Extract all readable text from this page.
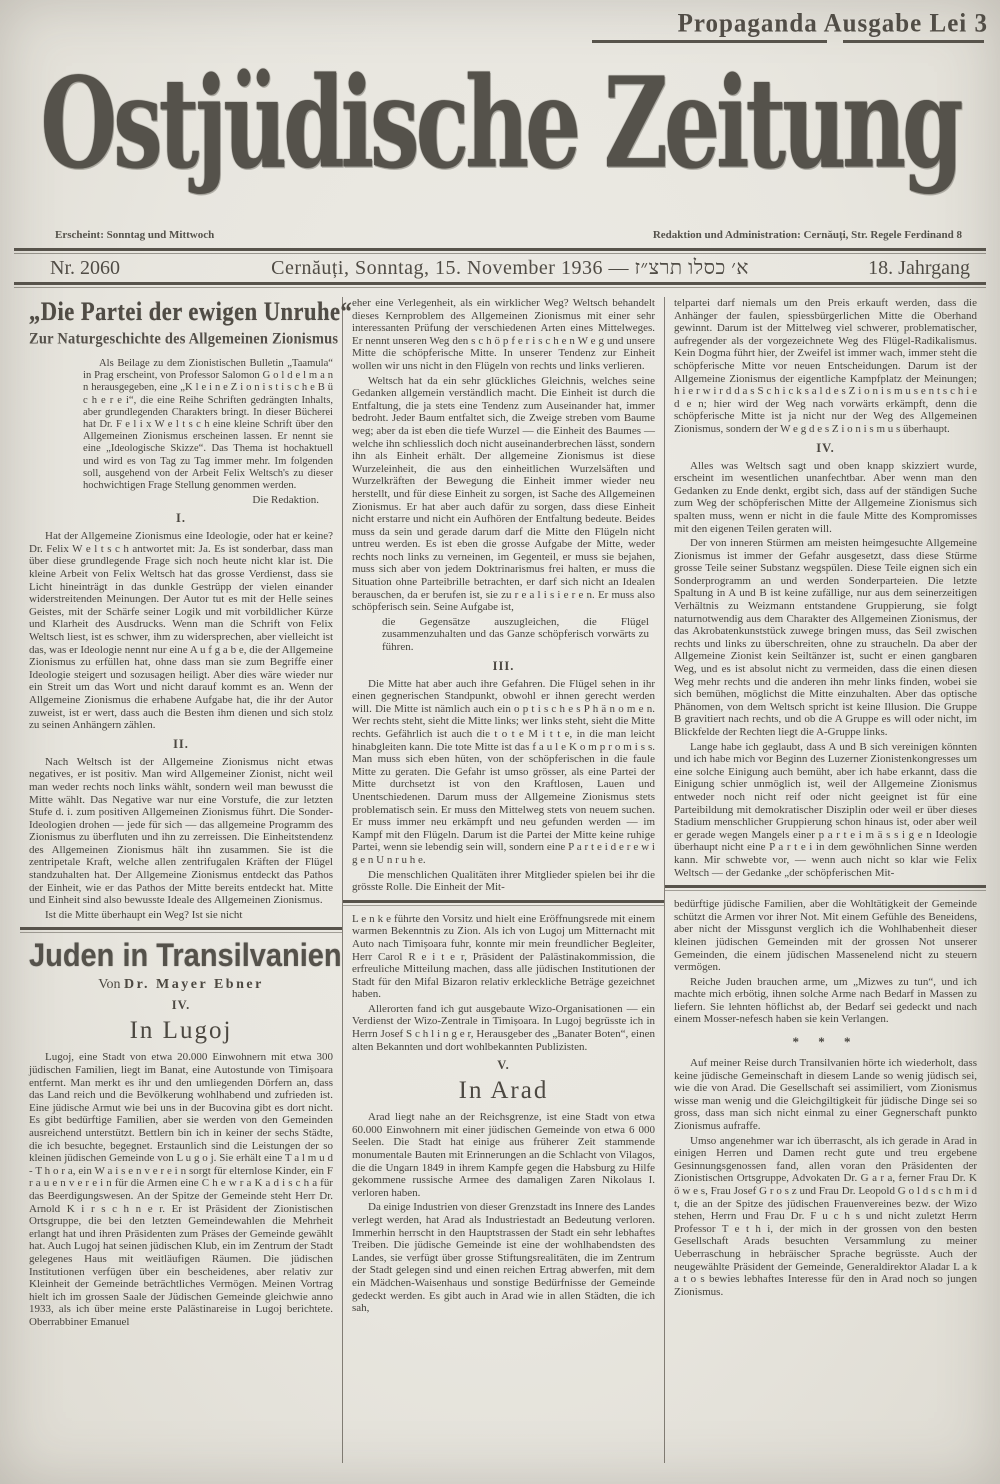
Propaganda Ausgabe Lei 3
Ostjüdische Zeitung
Erscheint: Sonntag und Mittwoch	Redaktion und Administration: Cernăuți, Str. Regele Ferdinand 8
Nr. 2060	Cernăuți, Sonntag, 15. November 1936 — א׳ כסלו תרצ״ז	18. Jahrgang
„Die Partei der ewigen Unruhe“
Zur Naturgeschichte des Allgemeinen Zionismus

Als Beilage zu dem Zionistischen Bulletin „Taamula“ in Prag erscheint, von Professor Salomon G o l d e l m a n n herausgegeben, eine „K l e i n e Z i o n i s t i s c h e B ü c h e r e i“, die eine Reihe Schriften gedrängten Inhalts, aber grundlegenden Charakters bringt. In dieser Bücherei hat Dr. F e l i x W e l t s c h eine kleine Schrift über den Allgemeinen Zionismus erscheinen lassen. Er nennt sie eine „Ideologische Skizze“. Das Thema ist hochaktuell und wird es von Tag zu Tag immer mehr. Im folgenden soll, ausgehend von der Arbeit Felix Weltsch's zu dieser hochwichtigen Frage Stellung genommen werden.

Die Redaktion.
I.

Hat der Allgemeine Zionismus eine Ideologie, oder hat er keine? Dr. Felix W e l t s c h antwortet mit: Ja. Es ist sonderbar, dass man über diese grundlegende Frage sich noch heute nicht klar ist. Die kleine Arbeit von Felix Weltsch hat das grosse Verdienst, dass sie Licht hineinträgt in das dunkle Gestrüpp der vielen einander widerstreitenden Meinungen. Der Autor tut es mit der Helle seines Geistes, mit der Schärfe seiner Logik und mit vorbildlicher Kürze und Klarheit des Ausdrucks. Wenn man die Schrift von Felix Weltsch liest, ist es schwer, ihm zu widersprechen, aber vielleicht ist das, was er Ideologie nennt nur eine A u f g a b e, die der Allgemeine Zionismus zu erfüllen hat, ohne dass man sie zum Begriffe einer Ideologie steigert und sozusagen heiligt. Aber dies wäre wieder nur ein Streit um das Wort und nicht darauf kommt es an. Wenn der Allgemeine Zionismus die erhabene Aufgabe hat, die ihr der Autor zuweist, ist er wert, dass auch die Besten ihm dienen und sich stolz zu seinen Anhängern zählen.

II.

Nach Weltsch ist der Allgemeine Zionismus nicht etwas negatives, er ist positiv. Man wird Allgemeiner Zionist, nicht weil man weder rechts noch links wählt, sondern weil man bewusst die Mitte wählt. Das Negative war nur eine Vorstufe, die zur letzten Stufe d. i. zum positiven Allgemeinen Zionismus führt. Die Sonder-Ideologien drohen — jede für sich — das allgemeine Programm des Zionismus zu überfluten und ihn zu zerreissen. Die Einheitstendenz des Allgemeinen Zionismus hält ihn zusammen. Sie ist die zentripetale Kraft, welche allen zentrifugalen Kräften der Flügel standzuhalten hat. Der Allgemeine Zionismus entdeckt das Pathos der Einheit, wie er das Pathos der Mitte bereits entdeckt hat. Mitte und Einheit sind also bewusste Ideale des Allgemeinen Zionismus.

Ist die Mitte überhaupt ein Weg? Ist sie nicht

Juden in Transilvanien
Von Dr. Mayer Ebner
IV.
In Lugoj

Lugoj, eine Stadt von etwa 20.000 Einwohnern mit etwa 300 jüdischen Familien, liegt im Banat, eine Autostunde von Timișoara entfernt. Man merkt es ihr und den umliegenden Dörfern an, dass das Land reich und die Bevölkerung wohlhabend und zufrieden ist. Eine jüdische Armut wie bei uns in der Bucovina gibt es dort nicht. Es gibt bedürftige Familien, aber sie werden von den Gemeinden ausreichend unterstützt. Bettlern bin ich in keiner der sechs Städte, die ich besuchte, begegnet. Erstaunlich sind die Leistungen der so kleinen jüdischen Gemeinde von L u g o j. Sie erhält eine T a l m u d - T h o r a, ein W a i s e n v e r e i n sorgt für elternlose Kinder, ein F r a u e n v e r e i n für die Armen eine C h e w r a K a d i s c h a für das Beerdigungswesen. An der Spitze der Gemeinde steht Herr Dr. Arnold K i r s c h n e r. Er ist Präsident der Zionistischen Ortsgruppe, die bei den letzten Gemeindewahlen die Mehrheit erlangt hat und ihren Präsidenten zum Präses der Gemeinde gewählt hat. Auch Lugoj hat seinen jüdischen Klub, ein im Zentrum der Stadt gelegenes Haus mit weitläufigen Räumen. Die jüdischen Institutionen verfügen über ein bescheidenes, aber relativ zur Kleinheit der Gemeinde beträchtliches Vermögen. Meinen Vortrag hielt ich im grossen Saale der Jüdischen Gemeinde gleichwie anno 1933, als ich über meine erste Palästinareise in Lugoj berichtete. Oberrabbiner Emanuel

eher eine Verlegenheit, als ein wirklicher Weg? Weltsch behandelt dieses Kernproblem des Allgemeinen Zionismus mit einer sehr interessanten Prüfung der verschiedenen Arten eines Mittelweges. Er nennt unseren Weg den s c h ö p f e r i s c h e n W e g und unsere Mitte die schöpferische Mitte. In unserer Tendenz zur Einheit wollen wir uns nicht in den Flügeln von rechts und links verlieren.

Weltsch hat da ein sehr glückliches Gleichnis, welches seine Gedanken allgemein verständlich macht. Die Einheit ist durch die Entfaltung, die ja stets eine Tendenz zum Auseinander hat, immer bedroht. Jeder Baum entfaltet sich, die Zweige streben vom Baume weg; aber da ist eben die tiefe Wurzel — die Einheit des Baumes — welche ihn schliesslich doch nicht auseinanderbrechen lässt, sondern ihn als Einheit erhält. Der allgemeine Zionismus ist diese Wurzeleinheit, die aus den einheitlichen Wurzelsäften und Wurzelkräften der Bewegung die Einheit immer wieder neu herstellt, und für diese Einheit zu sorgen, ist Sache des Allgemeinen Zionismus. Er hat aber auch dafür zu sorgen, dass diese Einheit nicht erstarre und nicht ein Aufhören der Entfaltung bedeute. Beides muss da sein und gerade darum darf die Mitte den Flügeln nicht untreu werden. Es ist eben die grosse Aufgabe der Mitte, weder rechts noch links zu verneinen, im Gegenteil, er muss sie bejahen, muss sich aber von jedem Doktrinarismus frei halten, er muss die Situation ohne Parteibrille betrachten, er darf sich nicht an Idealen berauschen, da er berufen ist, sie zu r e a l i s i e r e n. Er muss also schöpferisch sein. Seine Aufgabe ist,

die Gegensätze auszugleichen, die Flügel zusammenzuhalten und das Ganze schöpferisch vorwärts zu führen.

III.

Die Mitte hat aber auch ihre Gefahren. Die Flügel sehen in ihr einen gegnerischen Standpunkt, obwohl er ihnen gerecht werden will. Die Mitte ist nämlich auch ein o p t i s c h e s P h ä n o m e n. Wer rechts steht, sieht die Mitte links; wer links steht, sieht die Mitte rechts. Gefährlich ist auch die t o t e M i t t e, in die man leicht hinabgleiten kann. Die tote Mitte ist das f a u l e K o m p r o m i s s. Man muss sich eben hüten, von der schöpferischen in die faule Mitte zu geraten. Die Gefahr ist umso grösser, als eine Partei der Mitte durchsetzt ist von den Kraftlosen, Lauen und Unentschiedenen. Darum muss der Allgemeine Zionismus stets problematisch sein. Er muss den Mittelweg stets von neuem suchen. Er muss immer neu erkämpft und neu gefunden werden — im Kampf mit den Flügeln. Darum ist die Partei der Mitte keine ruhige Partei, wenn sie lebendig sein will, sondern eine P a r t e i d e r e w i g e n U n r u h e.

Die menschlichen Qualitäten ihrer Mitglieder spielen bei ihr die grösste Rolle. Die Einheit der Mit-

L e n k e führte den Vorsitz und hielt eine Eröffnungsrede mit einem warmen Bekenntnis zu Zion. Als ich von Lugoj um Mitternacht mit Auto nach Timișoara fuhr, konnte mir mein freundlicher Begleiter, Herr Carol R e i t e r, Präsident der Palästinakommission, die erfreuliche Mitteilung machen, dass alle jüdischen Institutionen der Stadt für den Mifal Bizaron relativ erkleckliche Beträge gezeichnet haben.

Allerorten fand ich gut ausgebaute Wizo-Organisationen — ein Verdienst der Wizo-Zentrale in Timișoara. In Lugoj begrüsste ich in Herrn Josef S c h l i n g e r, Herausgeber des „Banater Boten“, einen alten Bekannten und dort wohlbekannten Publizisten.

V.
In Arad

Arad liegt nahe an der Reichsgrenze, ist eine Stadt von etwa 60.000 Einwohnern mit einer jüdischen Gemeinde von etwa 6 000 Seelen. Die Stadt hat einige aus früherer Zeit stammende monumentale Bauten mit Erinnerungen an die Schlacht von Vilagos, die die Ungarn 1849 in ihrem Kampfe gegen die Habsburg zu Hilfe gekommene russische Armee des damaligen Zaren Nikolaus I. verloren haben.

Da einige Industrien von dieser Grenzstadt ins Innere des Landes verlegt werden, hat Arad als Industriestadt an Bedeutung verloren. Immerhin herrscht in den Hauptstrassen der Stadt ein sehr lebhaftes Treiben. Die jüdische Gemeinde ist eine der wohlhabendsten des Landes, sie verfügt über grosse Stiftungsrealitäten, die im Zentrum der Stadt gelegen sind und einen reichen Ertrag abwerfen, mit dem ein Mädchen-Waisenhaus und sonstige Bedürfnisse der Gemeinde gedeckt werden. Es gibt auch in Arad wie in allen Städten, die ich sah,

telpartei darf niemals um den Preis erkauft werden, dass die Anhänger der faulen, spiessbürgerlichen Mitte die Oberhand gewinnt. Darum ist der Mittelweg viel schwerer, problematischer, aufregender als der vorgezeichnete Weg des Flügel-Radikalismus. Kein Dogma führt hier, der Zweifel ist immer wach, immer steht die schöpferische Mitte vor neuen Entscheidungen. Darum ist der Allgemeine Zionismus der eigentliche Kampfplatz der Meinungen; h i e r w i r d d a s S c h i c k s a l d e s Z i o n i s m u s e n t s c h i e d e n; hier wird der Weg nach vorwärts erkämpft, denn die schöpferische Mitte ist ja nicht nur der Weg des Allgemeinen Zionismus, sondern der W e g d e s Z i o n i s m u s überhaupt.

IV.

Alles was Weltsch sagt und oben knapp skizziert wurde, erscheint im wesentlichen unanfechtbar. Aber wenn man den Gedanken zu Ende denkt, ergibt sich, dass auf der ständigen Suche zum Weg der schöpferischen Mitte der Allgemeine Zionismus sich spalten muss, wenn er nicht in die faule Mitte des Kompromisses mit den eigenen Teilen geraten will.

Der von inneren Stürmen am meisten heimgesuchte Allgemeine Zionismus ist immer der Gefahr ausgesetzt, dass diese Stürme grosse Teile seiner Substanz wegspülen. Diese Teile eignen sich ein Sonderprogramm an und werden Sonderparteien. Die letzte Spaltung in A und B ist keine zufällige, nur aus dem seinerzeitigen Verhältnis zu Weizmann entstandene Gruppierung, sie folgt naturnotwendig aus dem Charakter des Allgemeinen Zionismus, der das Akrobatenkunststück zuwege bringen muss, das Seil zwischen rechts und links zu überschreiten, ohne zu straucheln. Da aber der Allgemeine Zionist kein Seiltänzer ist, sucht er einen gangbaren Weg, und es ist absolut nicht zu vermeiden, dass die einen diesen Weg mehr rechts und die anderen ihn mehr links finden, wobei sie sich bemühen, möglichst die Mitte einzuhalten. Aber das optische Phänomen, von dem Weltsch spricht ist keine Illusion. Die Gruppe B gravitiert nach rechts, und ob die A Gruppe es will oder nicht, im Blickfelde der Rechten liegt die A-Gruppe links.

Lange habe ich geglaubt, dass A und B sich vereinigen könnten und ich habe mich vor Beginn des Luzerner Zionistenkongresses um eine solche Einigung auch bemüht, aber ich habe erkannt, dass die Einigung schier unmöglich ist, weil der Allgemeine Zionismus entweder noch nicht reif oder nicht geeignet ist für eine Parteibildung mit demokratischer Disziplin oder weil er über dieses Stadium menschlicher Gruppierung schon hinaus ist, oder aber weil er gerade wegen Mangels einer p a r t e i m ä s s i g e n Ideologie überhaupt nicht eine P a r t e i in dem gewöhnlichen Sinne werden kann. Mir schwebte vor, — wenn auch nicht so klar wie Felix Weltsch — der Gedanke „der schöpferischen Mit-

bedürftige jüdische Familien, aber die Wohltätigkeit der Gemeinde schützt die Armen vor ihrer Not. Mit einem Gefühle des Beneidens, aber nicht der Missgunst verglich ich die Wohlhabenheit dieser kleinen jüdischen Gemeinden mit der grossen Not unserer Gemeinden, die einem jüdischen Massenelend nicht zu steuern vermögen.

Reiche Juden brauchen arme, um „Mizwes zu tun“, und ich machte mich erbötig, ihnen solche Arme nach Bedarf in Massen zu liefern. Sie lehnten höflichst ab, der Bedarf sei gedeckt und nach einem Mosser-nefesch haben sie kein Verlangen.

* * *

Auf meiner Reise durch Transilvanien hörte ich wiederholt, dass keine jüdische Gemeinschaft in diesem Lande so wenig jüdisch sei, wie die von Arad. Die Gesellschaft sei assimiliert, vom Zionismus wisse man wenig und die Gleichgiltigkeit für jüdische Dinge sei so gross, dass man sich nicht einmal zu einer Gegnerschaft punkto Zionismus aufraffe.

Umso angenehmer war ich überrascht, als ich gerade in Arad in einigen Herren und Damen recht gute und treu ergebene Gesinnungsgenossen fand, allen voran den Präsidenten der Zionistischen Ortsgruppe, Advokaten Dr. G a r a, ferner Frau Dr. K ö w e s, Frau Josef G r o s z und Frau Dr. Leopold G o l d s c h m i d t, die an der Spitze des jüdischen Frauenvereines bezw. der Wizo stehen, Herrn und Frau Dr. F u c h s und nicht zuletzt Herrn Professor T e t h i, der mich in der grossen von den besten Gesellschaft Arads besuchten Versammlung zu meiner Ueberraschung in hebräischer Sprache begrüsste. Auch der neugewählte Präsident der Gemeinde, Generaldirektor Aladar L a k a t o s bewies lebhaftes Interesse für den in Arad noch so jungen Zionismus.
